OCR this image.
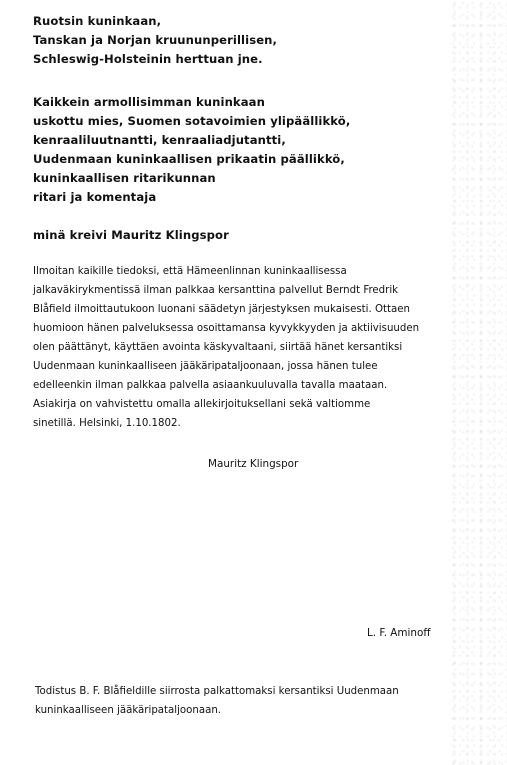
Ruotsin kuninkaan,
Tanskan ja Norjan kruununperillisen,
Schleswig-Holsteinin herttuan jne.
Kaikkein armollisimman kuninkaan
uskottu mies, Suomen sotavoimien ylipäällikkö,
kenraaliluutnantti, kenraaliadjutantti,
Uudenmaan kuninkaallisen prikaatin päällikkö,
kuninkaallisen ritarikunnan
ritari ja komentaja
minä kreivi Mauritz Klingspor
Ilmoitan kaikille tiedoksi, että Hämeenlinnan kuninkaallisessa
jalkaväkirykmentissä ilman palkkaa kersanttina palvellut Berndt Fredrik
Blåfield ilmoittautukoon luonani säädetyn järjestyksen mukaisesti. Ottaen
huomioon hänen palveluksessa osoittamansa kyvykkyyden ja aktiivisuuden
olen päättänyt, käyttäen avointa käskyvaltaani, siirtää hänet kersantiksi
Uudenmaan kuninkaalliseen jääkäripataljoonaan, jossa hänen tulee
edelleenkin ilman palkkaa palvella asiaankuuluvalla tavalla maataan.
Asiakirja on vahvistettu omalla allekirjoituksellani sekä valtiomme
sinetillä. Helsinki, 1.10.1802.
Mauritz Klingspor
L. F. Aminoff
Todistus B. F. Blåfieldille siirrosta palkattomaksi kersantiksi Uudenmaan
kuninkaalliseen jääkäripataljoonaan.
